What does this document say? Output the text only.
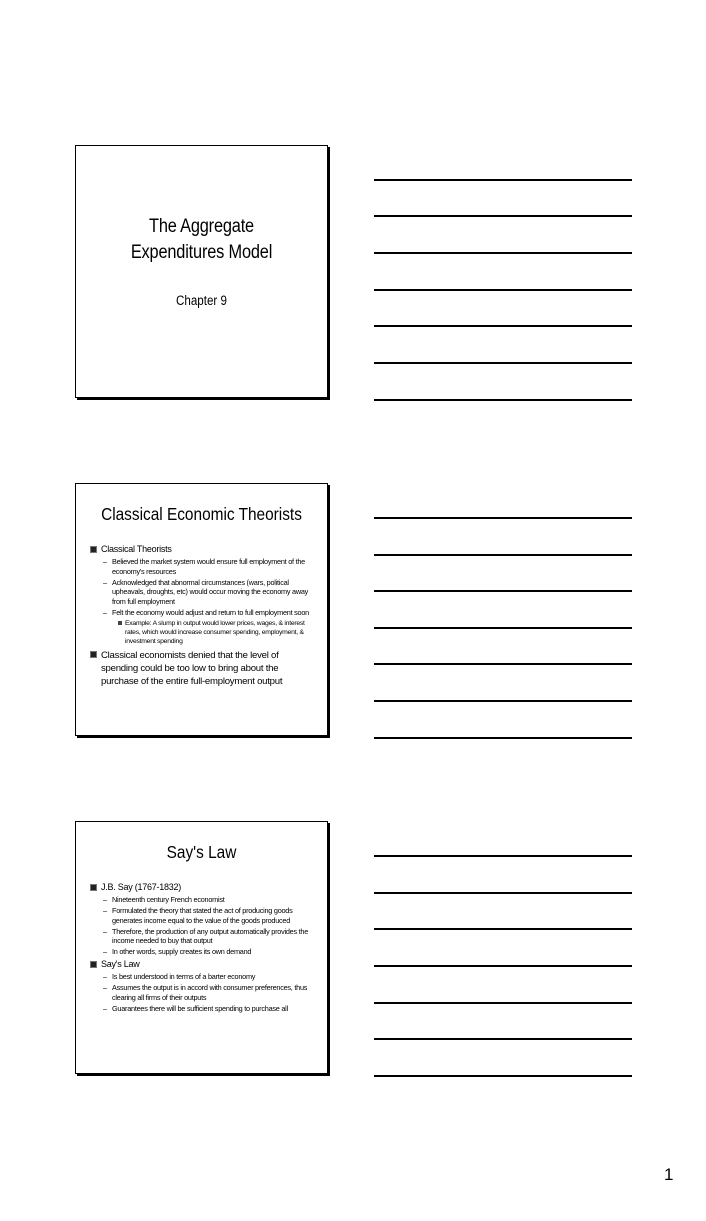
The Aggregate
Expenditures Model
Chapter 9
Classical Economic Theorists
Classical Theorists
– Believed the market system would ensure full employment of the economy's resources
– Acknowledged that abnormal circumstances (wars, political upheavals, droughts, etc) would occur moving the economy away from full employment
– Felt the economy would adjust and return to full employment soon
Example: A slump in output would lower prices, wages, & interest rates, which would increase consumer spending, employment, & investment spending
Classical economists denied that the level of spending could be too low to bring about the purchase of the entire full-employment output
Say's Law
J.B. Say (1767-1832)
– Nineteenth century French economist
– Formulated the theory that stated the act of producing goods generates income equal to the value of the goods produced
– Therefore, the production of any output automatically provides the income needed to buy that output
– In other words, supply creates its own demand
Say's Law
– Is best understood in terms of a barter economy
– Assumes the output is in accord with consumer preferences, thus clearing all firms of their outputs
– Guarantees there will be sufficient spending to purchase all
1
